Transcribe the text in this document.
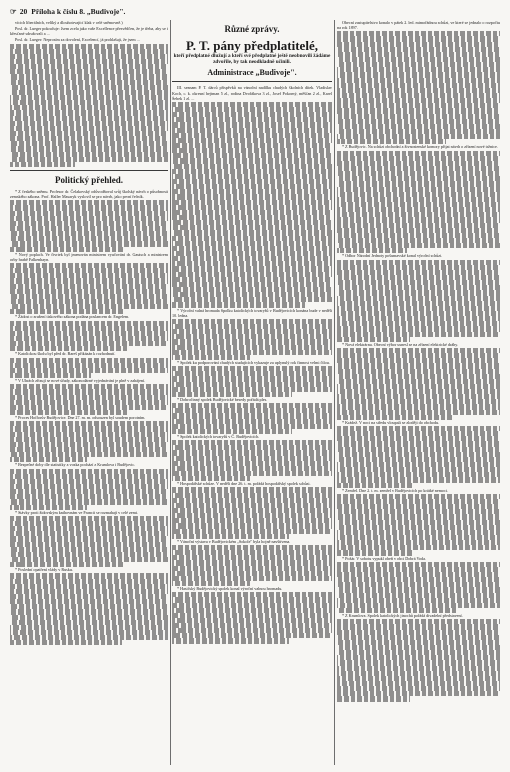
☞ 20 Příloha k číslu 8. „Budivoje".

vícich liberálních, velíký a dlouhotrvající klak v celé sněmovně.)

Posl. dr. Lueger pokračuje: Jsem zcela jako vaše Excellence přesvědčen, že je třeba, aby se i křesťané sdružovali a ...

Posl. dr. Lueger: Neprosím za dovolení, Excelencí, já prohlašuji, že jsem ...

Politický přehled.

* Z českého sněmu. Profesor dr. Čelakovský odůvodňoval svůj školský návrh o působnosti zemského zákona. Prof. Haller Masaryk vyslovil se pro návrh, jako první řečník.

* Nový poplach. Ve čtvrtek byl jmenován ministrem vyučování dr. Gautsch a ministrem orby hrabě Falkenhayn.

* Žádost o zrušení tiskového zákona podána poslancem dr. Engelem.

* Katolickou školu byl před dr. Bareš přikázán k rozhodnutí.

* V Uhrách zřizují se nové úřady, zákonodárné vyjednávání je plně v zahájení.

* Proces Hofforův Budějovice. Dne 27. m. m. odsouzen byl soudem porotním.

* Bezpečné doby dle statistiky a vozka pochází z Krumlova i Budějovic.

* Stávky proti židovským knihovnám ve Francii se rozmahají v celé zemi.

* Poslední opatření vlády v Rusku.

Různé zprávy.
P. T. pány předplatitelé,
kteří předplatné dlužují a kteří své předplatné ještě neobnovili žádáme zdvořile, by tak neodkladně učinili.
Administrace „Budivoje".

III. seznam P. T. dárců příspěvků na vánoční nadílku chudých školních dítek. Vladislav Koch, c. k. okresní hejtman 5 zl., rodina Dvořákova 3 zl., Josef Pokorný, měšťan 2 zl., Karel Šebek 1 zl. ...

* Výroční valná hromada Spolku katolických tovaryšů v Budějovicích konána bude v neděli 10. ledna.

* Spolek ku podporování chudých studujících vykazuje za uplynulý rok činnost velmi čilou.

* Dobročinný spolek Budějovické besedy pořádá ples.

* Spolek katolických tovaryšů v Č. Budějovicích.

* Hospodářské schůze. V neděli dne 26. t. m. pořádá hospodářský spolek schůzi.

* Vánoční výstava v Budějovickém „Sokole" byla hojně navštívena.

* Hasičský Budějovický spolek konal výroční valnou hromadu.

Obecní zastupitelstvo konalo v pátek 2. led. mimořádnou schůzi, ve které se jednalo o rozpočtu na rok 1897.

* Z Budějovic. Na schůzi obchodní a živnostenské komory přijat návrh o zřízení nové tržnice.

* Odbor Národní Jednoty pošumavské konal výroční schůzi.

* Nová elektrárna. Obecní výbor usnesl se na zřízení elektrické dráhy.

* Krádež. V noci na středu vloupali se zloději do obchodu.

* Zemřel. Dne 2. t. m. zemřel v Budějovicích po krátké nemoci.

* Požár. V sobotu vypukl oheň v obci Dobrá Voda.

* Z Krumlova. Spolek katolických jinochů pořádá divadelní představení.
